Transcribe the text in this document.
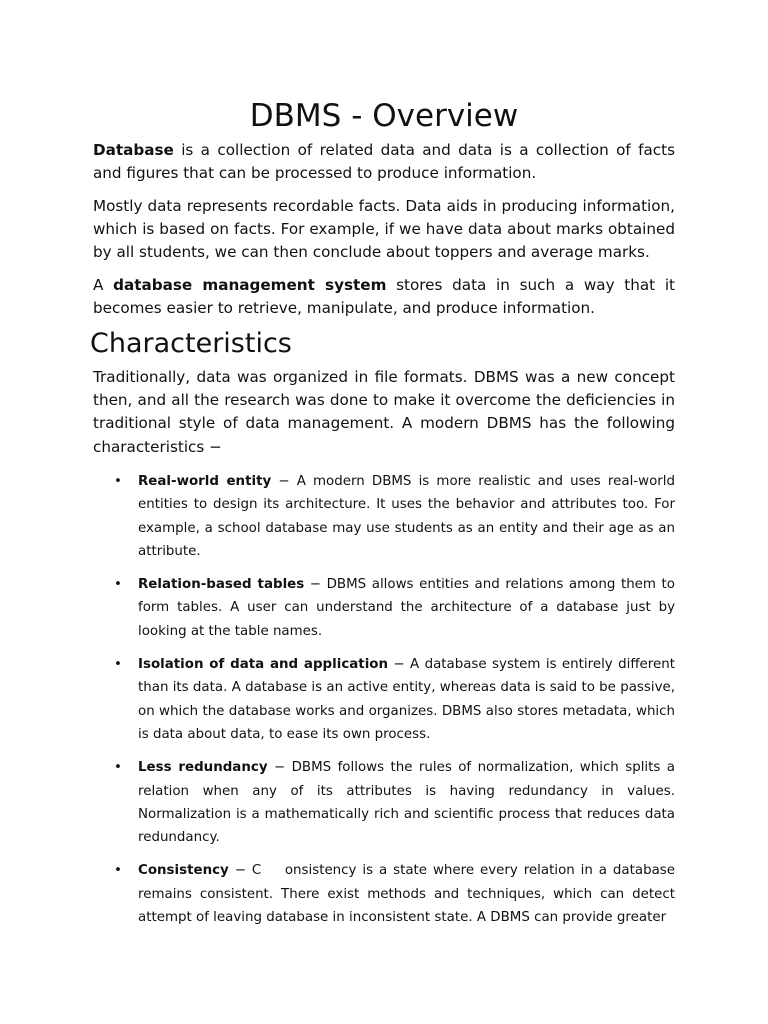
DBMS - Overview

Database is a collection of related data and data is a collection of facts and figures that can be processed to produce information.

Mostly data represents recordable facts. Data aids in producing information, which is based on facts. For example, if we have data about marks obtained by all students, we can then conclude about toppers and average marks.

A database management system stores data in such a way that it becomes easier to retrieve, manipulate, and produce information.

Characteristics

Traditionally, data was organized in file formats. DBMS was a new concept then, and all the research was done to make it overcome the deficiencies in traditional style of data management. A modern DBMS has the following characteristics −

• Real-world entity − A modern DBMS is more realistic and uses real-world entities to design its architecture. It uses the behavior and attributes too. For example, a school database may use students as an entity and their age as an attribute.
• Relation-based tables − DBMS allows entities and relations among them to form tables. A user can understand the architecture of a database just by looking at the table names.
• Isolation of data and application − A database system is entirely different than its data. A database is an active entity, whereas data is said to be passive, on which the database works and organizes. DBMS also stores metadata, which is data about data, to ease its own process.
• Less redundancy − DBMS follows the rules of normalization, which splits a relation when any of its attributes is having redundancy in values. Normalization is a mathematically rich and scientific process that reduces data redundancy.
• Consistency − C    onsistency is a state where every relation in a database remains consistent. There exist methods and techniques, which can detect attempt of leaving database in inconsistent state. A DBMS can provide greater
